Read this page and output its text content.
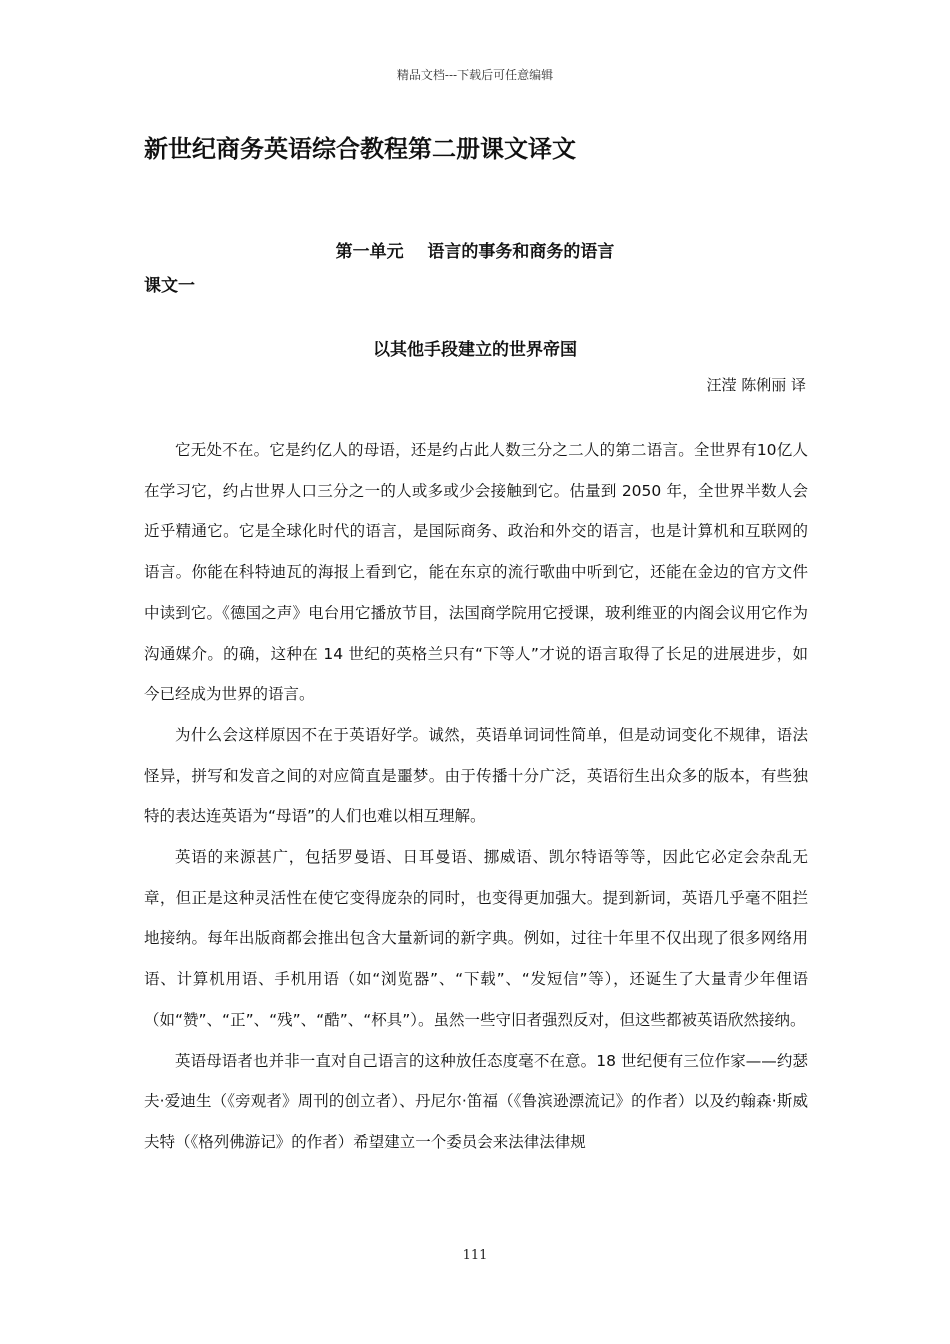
精品文档---下载后可任意编辑
新世纪商务英语综合教程第二册课文译文
第一单元    语言的事务和商务的语言
课文一
以其他手段建立的世界帝国
汪滢 陈俐丽 译

它无处不在。它是约亿人的母语，还是约占此人数三分之二人的第二语言。全世界有10亿人在学习它，约占世界人口三分之一的人或多或少会接触到它。估量到 2050 年，全世界半数人会近乎精通它。它是全球化时代的语言，是国际商务、政治和外交的语言，也是计算机和互联网的语言。你能在科特迪瓦的海报上看到它，能在东京的流行歌曲中听到它，还能在金边的官方文件中读到它。《德国之声》电台用它播放节目，法国商学院用它授课，玻利维亚的内阁会议用它作为沟通媒介。的确，这种在 14 世纪的英格兰只有“下等人”才说的语言取得了长足的进展进步，如今已经成为世界的语言。

为什么会这样原因不在于英语好学。诚然，英语单词词性简单，但是动词变化不规律，语法怪异，拼写和发音之间的对应简直是噩梦。由于传播十分广泛，英语衍生出众多的版本，有些独特的表达连英语为“母语”的人们也难以相互理解。

英语的来源甚广，包括罗曼语、日耳曼语、挪威语、凯尔特语等等，因此它必定会杂乱无章，但正是这种灵活性在使它变得庞杂的同时，也变得更加强大。提到新词，英语几乎毫不阻拦地接纳。每年出版商都会推出包含大量新词的新字典。例如，过往十年里不仅出现了很多网络用语、计算机用语、手机用语（如“浏览器”、“下载”、“发短信”等），还诞生了大量青少年俚语（如“赞”、“正”、“残”、“酷”、“杯具”）。虽然一些守旧者强烈反对，但这些都被英语欣然接纳。

英语母语者也并非一直对自己语言的这种放任态度毫不在意。18 世纪便有三位作家——约瑟夫·爱迪生（《旁观者》周刊的创立者）、丹尼尔·笛福（《鲁滨逊漂流记》的作者）以及约翰森·斯威夫特（《格列佛游记》的作者）希望建立一个委员会来法律法律规

111
